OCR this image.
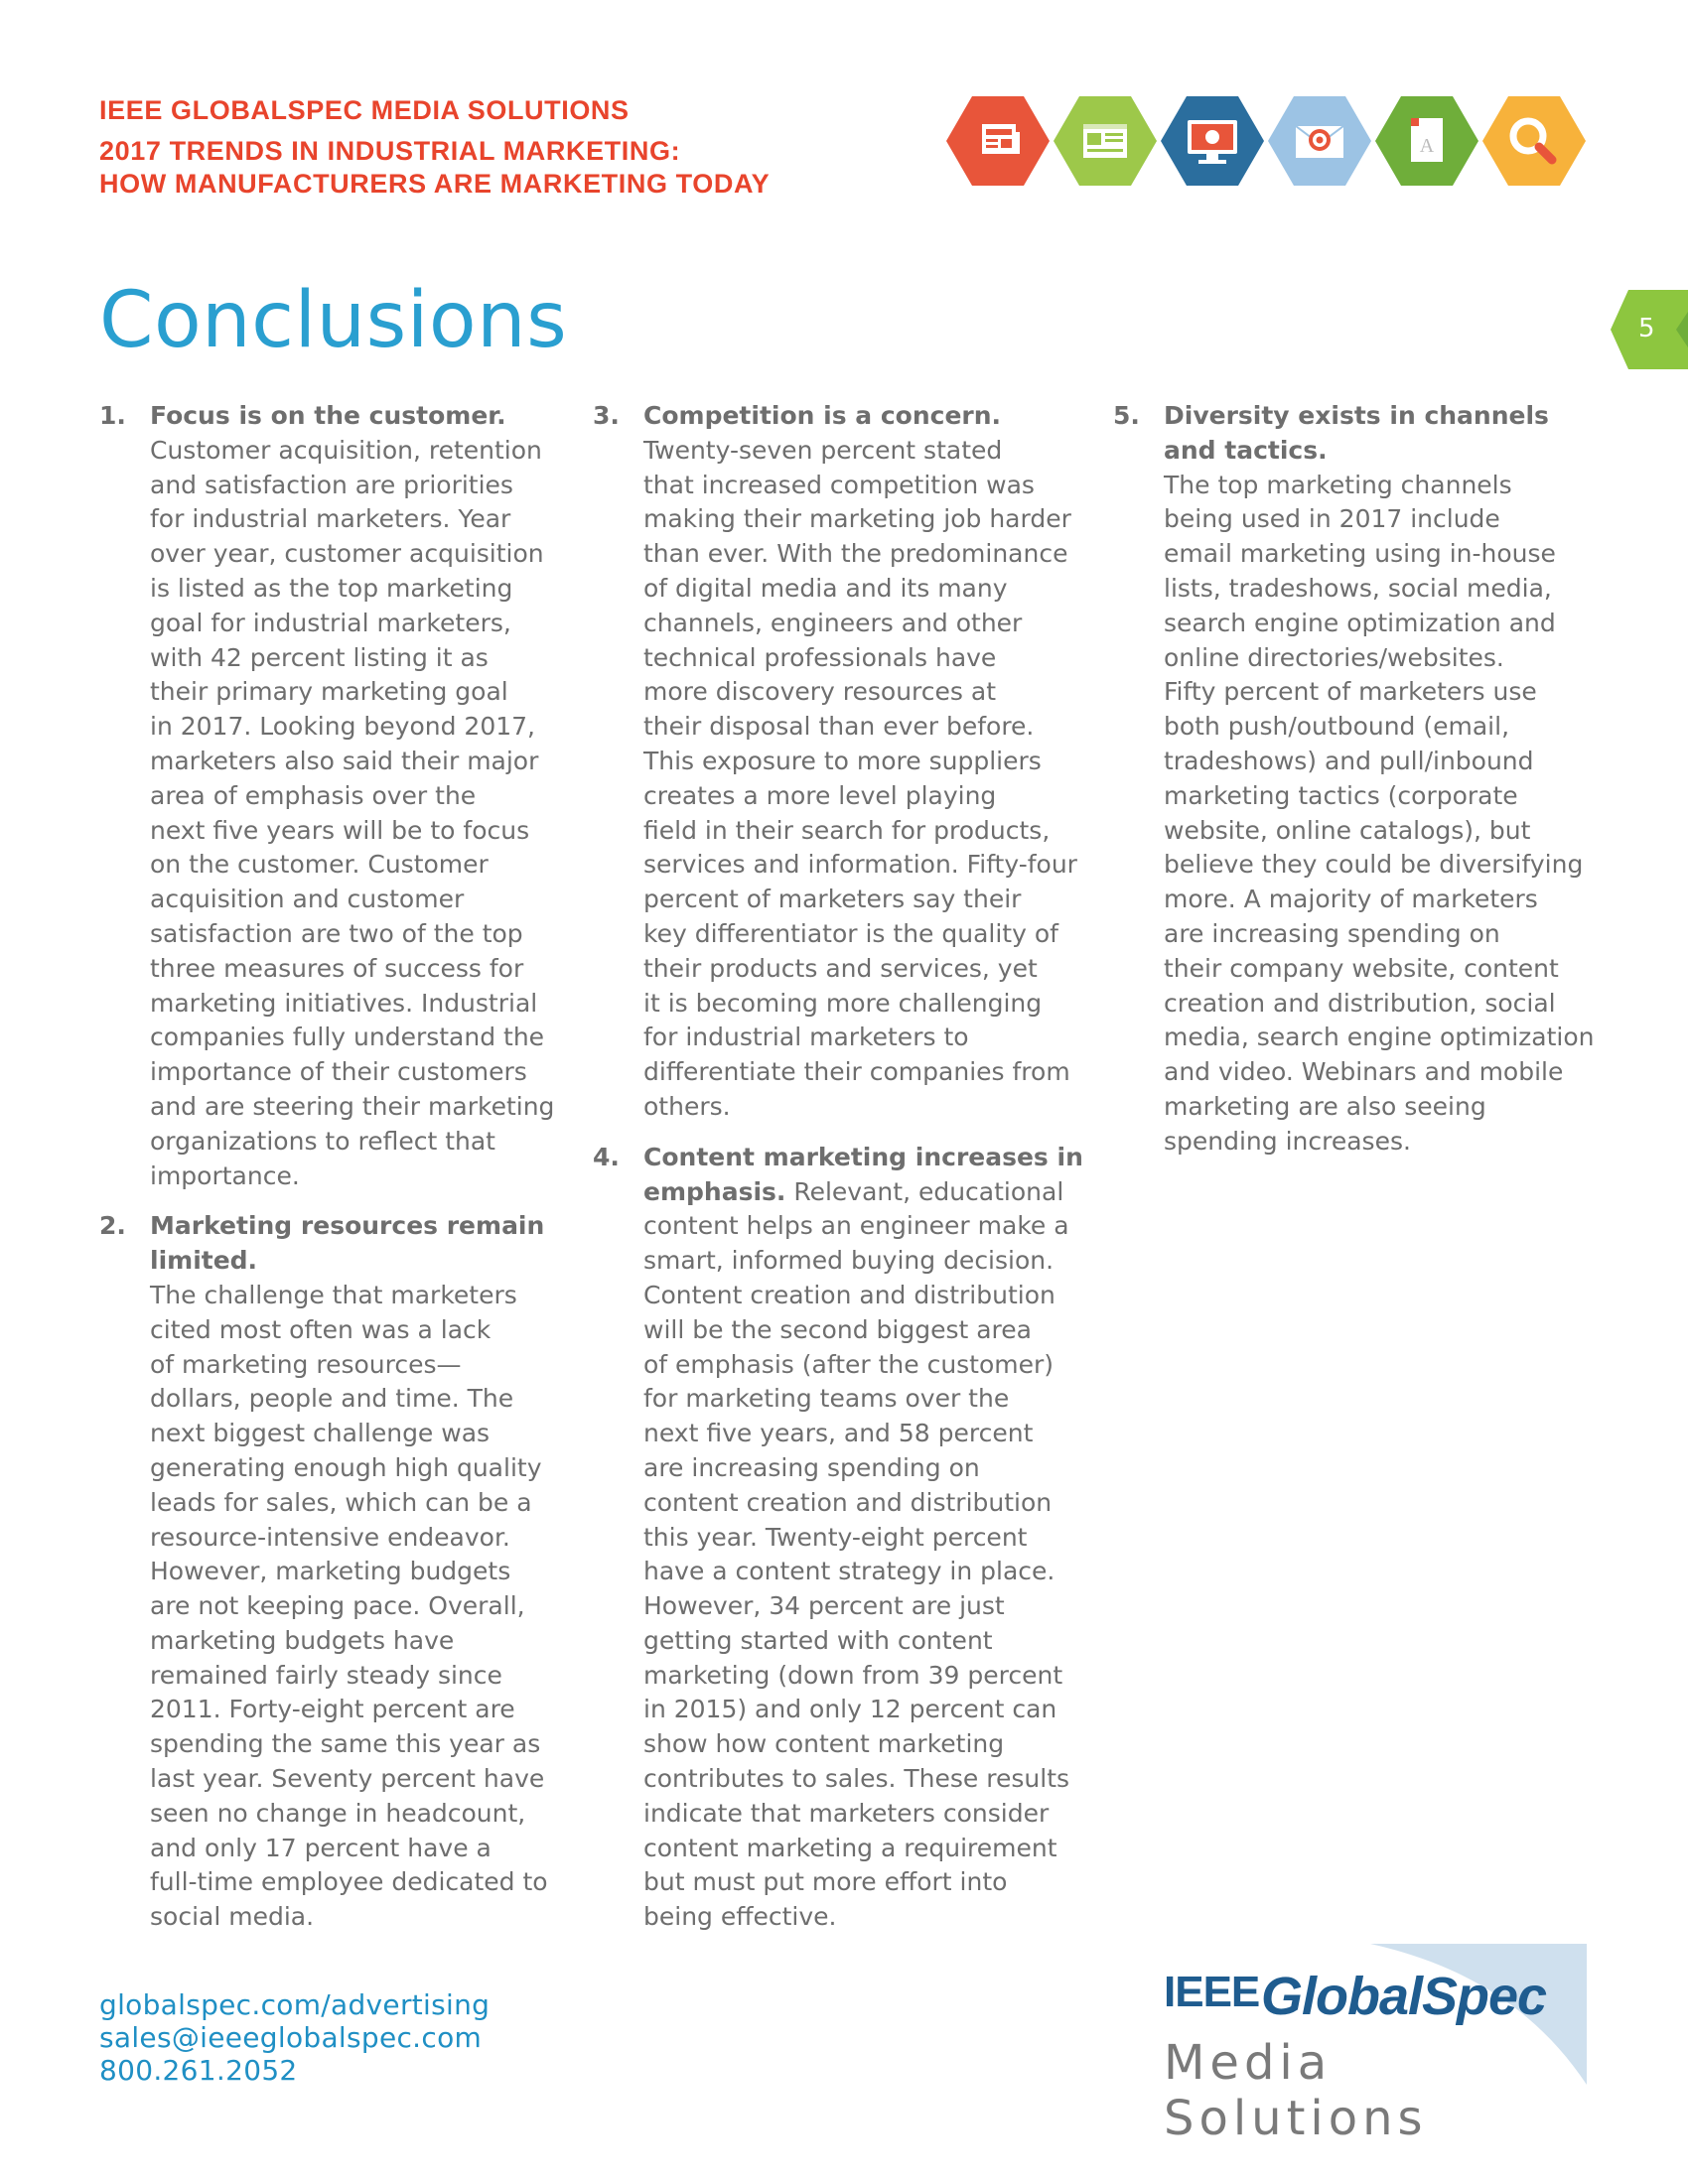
IEEE GLOBALSPEC MEDIA SOLUTIONS
2017 TRENDS IN INDUSTRIAL MARKETING:
HOW MANUFACTURERS ARE MARKETING TODAY
A
Conclusions	5
1. Focus is on the customer.
Customer acquisition, retention
and satisfaction are priorities
for industrial marketers. Year
over year, customer acquisition
is listed as the top marketing
goal for industrial marketers,
with 42 percent listing it as
their primary marketing goal
in 2017. Looking beyond 2017,
marketers also said their major
area of emphasis over the
next five years will be to focus
on the customer. Customer
acquisition and customer
satisfaction are two of the top
three measures of success for
marketing initiatives. Industrial
companies fully understand the
importance of their customers
and are steering their marketing
organizations to reflect that
importance.
2. Marketing resources remain limited.
The challenge that marketers
cited most often was a lack
of marketing resources—
dollars, people and time. The
next biggest challenge was
generating enough high quality
leads for sales, which can be a
resource-intensive endeavor.
However, marketing budgets
are not keeping pace. Overall,
marketing budgets have
remained fairly steady since
2011. Forty-eight percent are
spending the same this year as
last year. Seventy percent have
seen no change in headcount,
and only 17 percent have a
full-time employee dedicated to
social media.
3. Competition is a concern.
Twenty-seven percent stated
that increased competition was
making their marketing job harder
than ever. With the predominance
of digital media and its many
channels, engineers and other
technical professionals have
more discovery resources at
their disposal than ever before.
This exposure to more suppliers
creates a more level playing
field in their search for products,
services and information. Fifty-four
percent of marketers say their
key differentiator is the quality of
their products and services, yet
it is becoming more challenging
for industrial marketers to
differentiate their companies from
others.
4. Content marketing increases in
emphasis. Relevant, educational
content helps an engineer make a
smart, informed buying decision.
Content creation and distribution
will be the second biggest area
of emphasis (after the customer)
for marketing teams over the
next five years, and 58 percent
are increasing spending on
content creation and distribution
this year. Twenty-eight percent
have a content strategy in place.
However, 34 percent are just
getting started with content
marketing (down from 39 percent
in 2015) and only 12 percent can
show how content marketing
contributes to sales. These results
indicate that marketers consider
content marketing a requirement
but must put more effort into
being effective.
5. Diversity exists in channels and tactics.
The top marketing channels
being used in 2017 include
email marketing using in-house
lists, tradeshows, social media,
search engine optimization and
online directories/websites.
Fifty percent of marketers use
both push/outbound (email,
tradeshows) and pull/inbound
marketing tactics (corporate
website, online catalogs), but
believe they could be diversifying
more. A majority of marketers
are increasing spending on
their company website, content
creation and distribution, social
media, search engine optimization
and video. Webinars and mobile
marketing are also seeing
spending increases.
globalspec.com/advertising
sales@ieeeglobalspec.com
800.261.2052
IEEE GlobalSpec
Media Solutions
